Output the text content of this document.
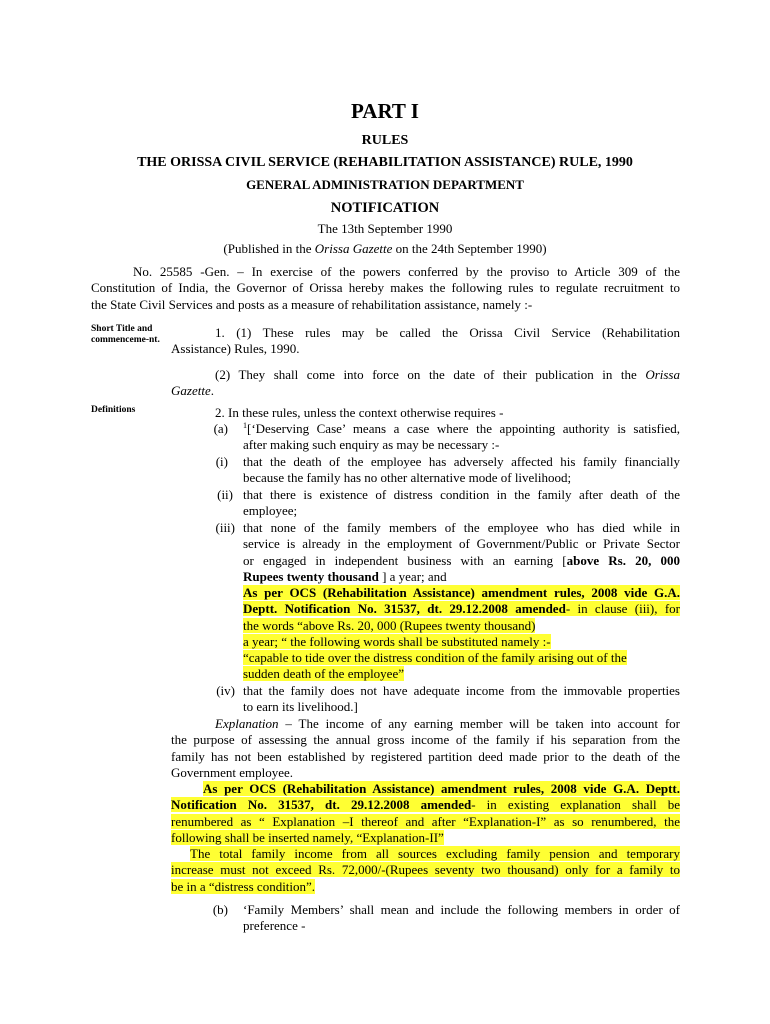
PART I
RULES
THE ORISSA CIVIL SERVICE (REHABILITATION ASSISTANCE) RULE, 1990
GENERAL ADMINISTRATION DEPARTMENT
NOTIFICATION
The 13th September 1990
(Published in the Orissa Gazette on the 24th September 1990)
No. 25585 -Gen. – In exercise of the powers conferred by the proviso to Article 309 of the
Constitution of India, the Governor of Orissa hereby makes the following rules to regulate recruitment to
the State Civil Services and posts as a measure of rehabilitation assistance, namely :-
Short Title and commenceme-nt.
Definitions
1. (1) These rules may be called the Orissa Civil Service (Rehabilitation
Assistance) Rules, 1990.
(2) They shall come into force on the date of their publication in the Orissa
Gazette.
2. In these rules, unless the context otherwise requires -
(a) $^1$[‘Deserving Case’ means a case where the appointing authority is satisfied,
after making such enquiry as may be necessary :-
(i) that the death of the employee has adversely affected his family financially
because the family has no other alternative mode of livelihood;
(ii) that there is existence of distress condition in the family after death of the
employee;
(iii) that none of the family members of the employee who has died while in
service is already in the employment of Government/Public or Private Sector
or engaged in independent business with an earning [above Rs. 20, 000
Rupees twenty thousand ] a year; and
As per OCS (Rehabilitation Assistance) amendment rules, 2008 vide G.A.
Deptt. Notification No. 31537, dt. 29.12.2008 amended- in clause (iii), for
the words “above Rs. 20, 000 (Rupees twenty thousand)
a year; “ the following words shall be substituted namely :-
“capable to tide over the distress condition of the family arising out of the
sudden death of the employee”
(iv) that the family does not have adequate income from the immovable properties
to earn its livelihood.]
Explanation – The income of any earning member will be taken into account for
the purpose of assessing the annual gross income of the family if his separation from the
family has not been established by registered partition deed made prior to the death of the
Government employee.
As per OCS (Rehabilitation Assistance) amendment rules, 2008 vide G.A. Deptt.
Notification No. 31537, dt. 29.12.2008 amended- in existing explanation shall be
renumbered as “ Explanation –I thereof and after “Explanation-I” as so renumbered, the
following shall be inserted namely, “Explanation-II”
The total family income from all sources excluding family pension and temporary
increase must not exceed Rs. 72,000/-(Rupees seventy two thousand) only for a family to
be in a “distress condition”.
(b) ‘Family Members’ shall mean and include the following members in order of
preference -
